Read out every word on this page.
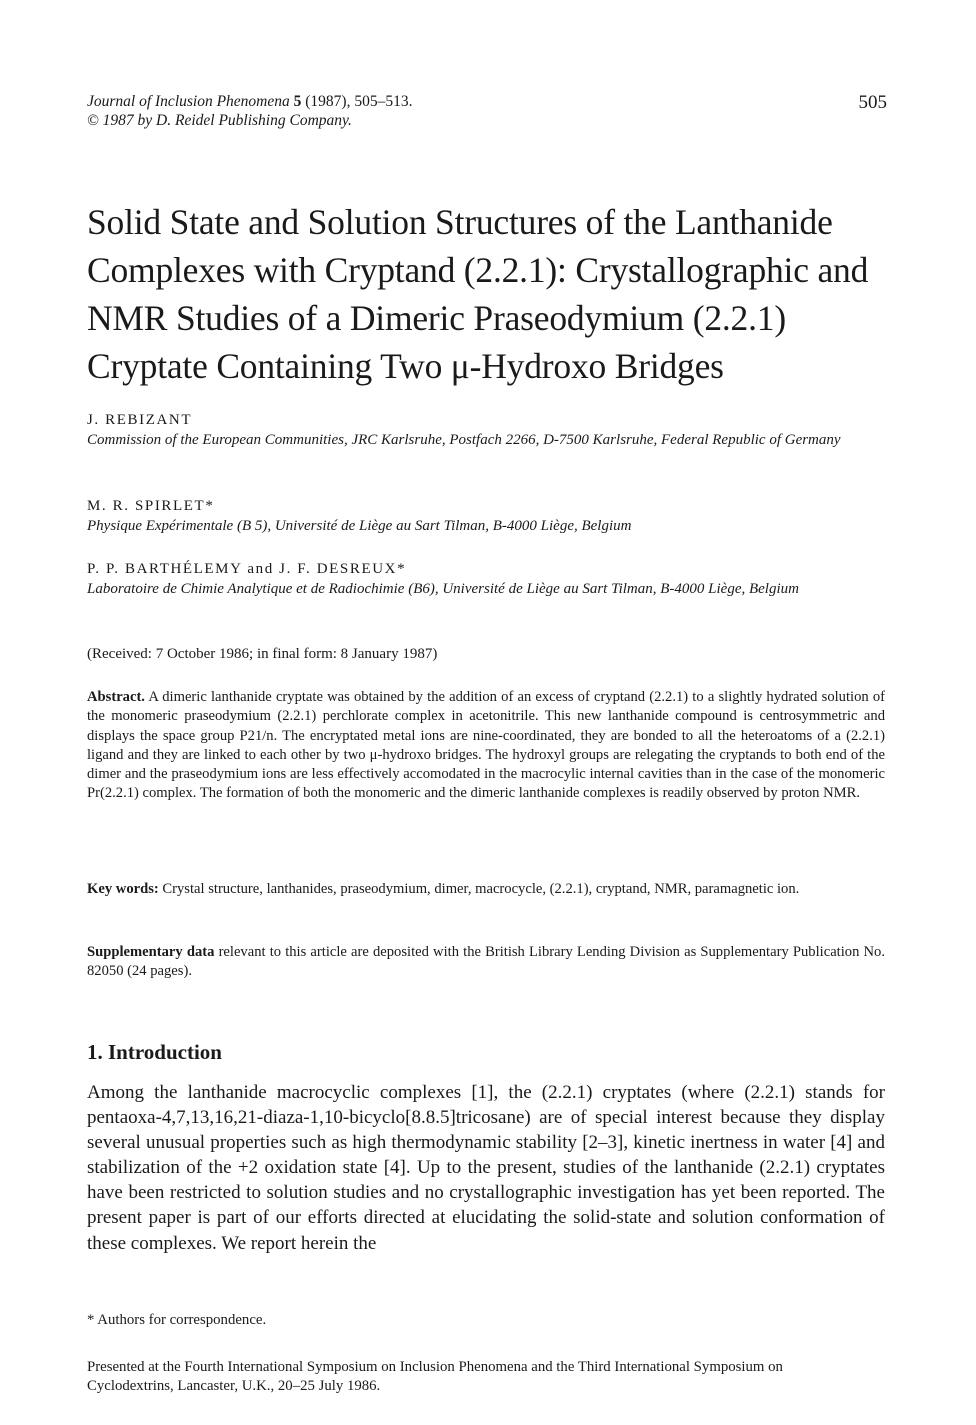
Journal of Inclusion Phenomena 5 (1987), 505–513.
© 1987 by D. Reidel Publishing Company.
505
Solid State and Solution Structures of the Lanthanide Complexes with Cryptand (2.2.1): Crystallographic and NMR Studies of a Dimeric Praseodymium (2.2.1) Cryptate Containing Two μ-Hydroxo Bridges
J. REBIZANT
Commission of the European Communities, JRC Karlsruhe, Postfach 2266, D-7500 Karlsruhe, Federal Republic of Germany
M. R. SPIRLET*
Physique Expérimentale (B 5), Université de Liège au Sart Tilman, B-4000 Liège, Belgium
P. P. BARTHÉLEMY and J. F. DESREUX*
Laboratoire de Chimie Analytique et de Radiochimie (B6), Université de Liège au Sart Tilman, B-4000 Liège, Belgium
(Received: 7 October 1986; in final form: 8 January 1987)

Abstract. A dimeric lanthanide cryptate was obtained by the addition of an excess of cryptand (2.2.1) to a slightly hydrated solution of the monomeric praseodymium (2.2.1) perchlorate complex in acetonitrile. This new lanthanide compound is centrosymmetric and displays the space group P21/n. The encryptated metal ions are nine-coordinated, they are bonded to all the heteroatoms of a (2.2.1) ligand and they are linked to each other by two μ-hydroxo bridges. The hydroxyl groups are relegating the cryptands to both end of the dimer and the praseodymium ions are less effectively accomodated in the macrocylic internal cavities than in the case of the monomeric Pr(2.2.1) complex. The formation of both the monomeric and the dimeric lanthanide complexes is readily observed by proton NMR.

Key words: Crystal structure, lanthanides, praseodymium, dimer, macrocycle, (2.2.1), cryptand, NMR, paramagnetic ion.

Supplementary data relevant to this article are deposited with the British Library Lending Division as Supplementary Publication No. 82050 (24 pages).

1. Introduction

Among the lanthanide macrocyclic complexes [1], the (2.2.1) cryptates (where (2.2.1) stands for pentaoxa-4,7,13,16,21-diaza-1,10-bicyclo[8.8.5]tricosane) are of special interest because they display several unusual properties such as high thermodynamic stability [2–3], kinetic inertness in water [4] and stabilization of the +2 oxidation state [4]. Up to the present, studies of the lanthanide (2.2.1) cryptates have been restricted to solution studies and no crystallographic investigation has yet been reported. The present paper is part of our efforts directed at elucidating the solid-state and solution conformation of these complexes. We report herein the

* Authors for correspondence.
Presented at the Fourth International Symposium on Inclusion Phenomena and the Third International Symposium on Cyclodextrins, Lancaster, U.K., 20–25 July 1986.
